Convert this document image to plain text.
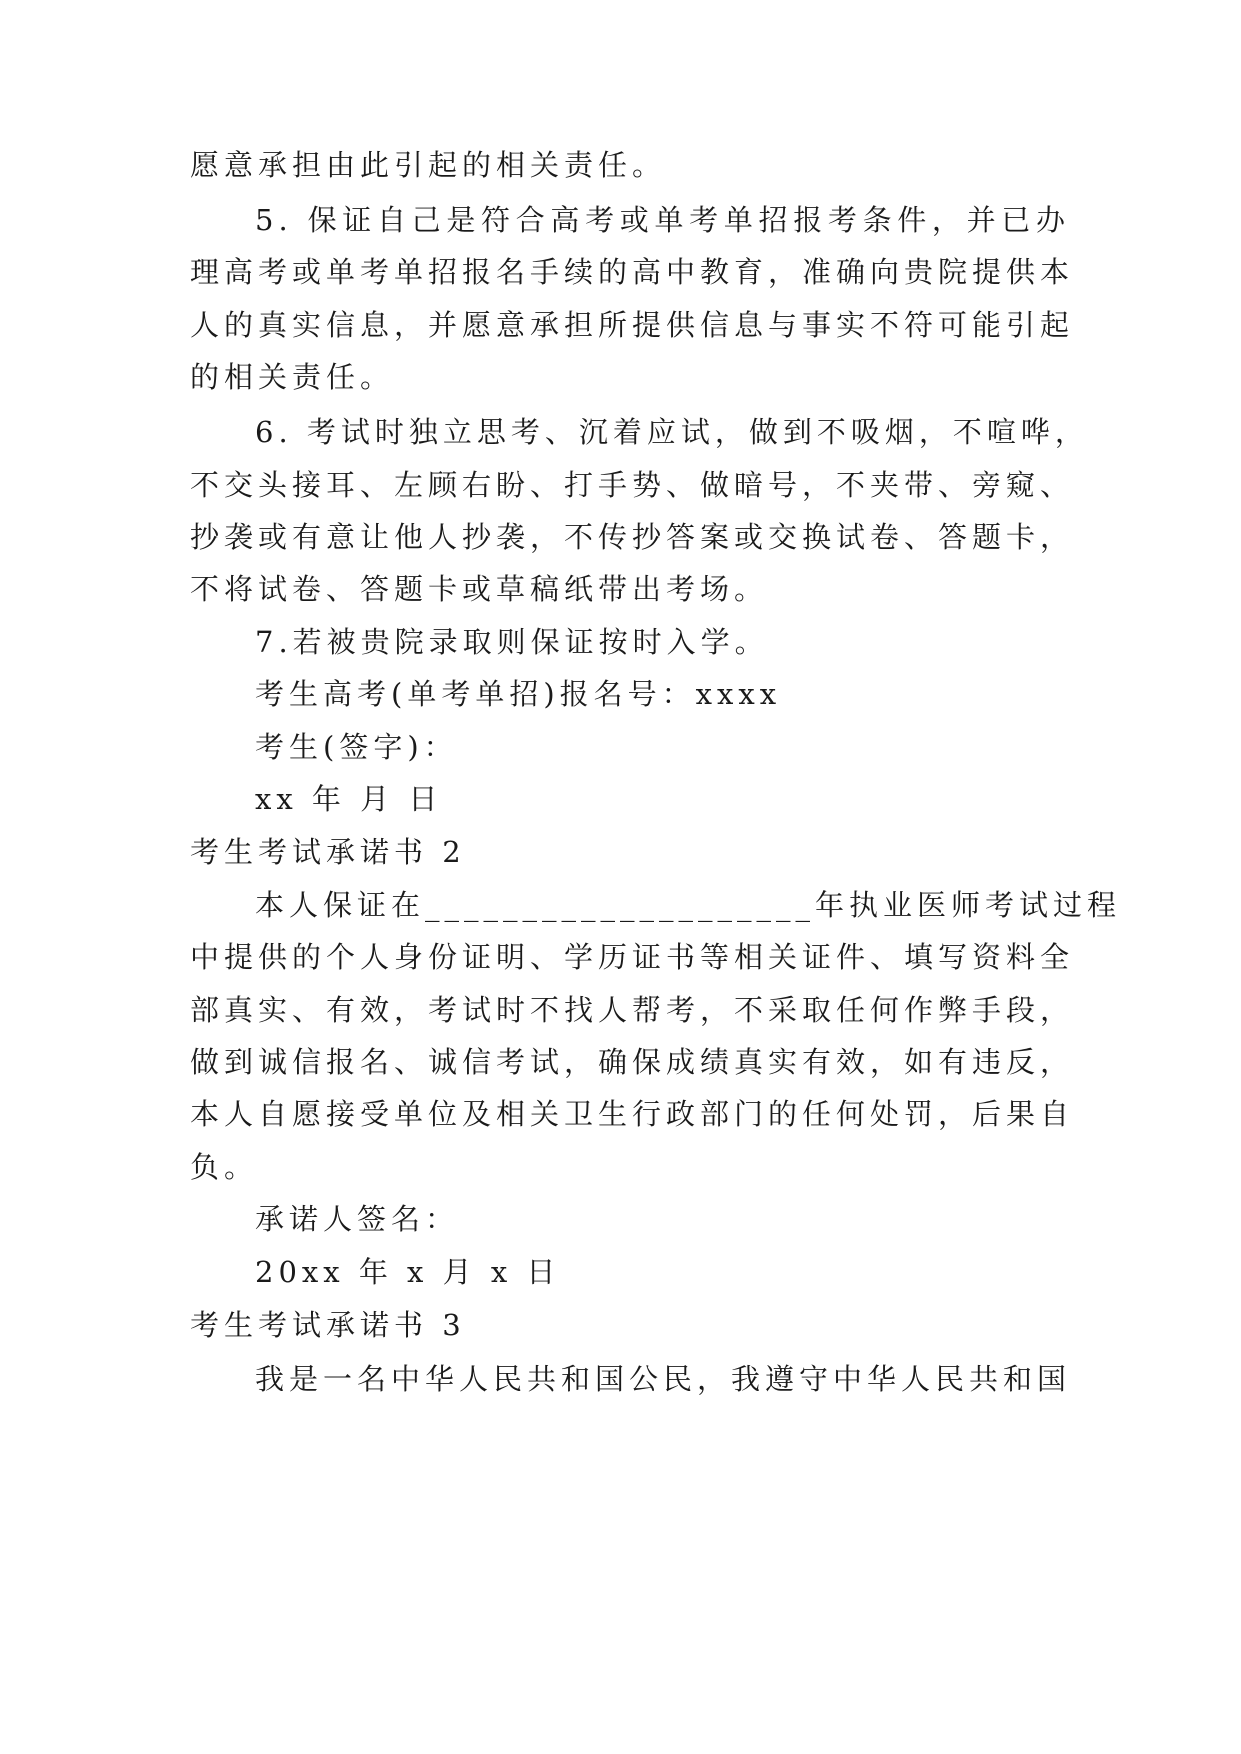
愿意承担由此引起的相关责任。
5. 保证自己是符合高考或单考单招报考条件，并已办
理高考或单考单招报名手续的高中教育，准确向贵院提供本
人的真实信息，并愿意承担所提供信息与事实不符可能引起
的相关责任。
6. 考试时独立思考、沉着应试，做到不吸烟，不喧哗，
不交头接耳、左顾右盼、打手势、做暗号，不夹带、旁窥、
抄袭或有意让他人抄袭，不传抄答案或交换试卷、答题卡，
不将试卷、答题卡或草稿纸带出考场。
7.若被贵院录取则保证按时入学。
考生高考(单考单招)报名号：xxxx
考生(签字)：
xx 年 月 日
考生考试承诺书 2
本人保证在____________________年执业医师考试过程
中提供的个人身份证明、学历证书等相关证件、填写资料全
部真实、有效，考试时不找人帮考，不采取任何作弊手段，
做到诚信报名、诚信考试，确保成绩真实有效，如有违反，
本人自愿接受单位及相关卫生行政部门的任何处罚，后果自
负。
承诺人签名：
20xx 年 x 月 x 日
考生考试承诺书 3
我是一名中华人民共和国公民，我遵守中华人民共和国
